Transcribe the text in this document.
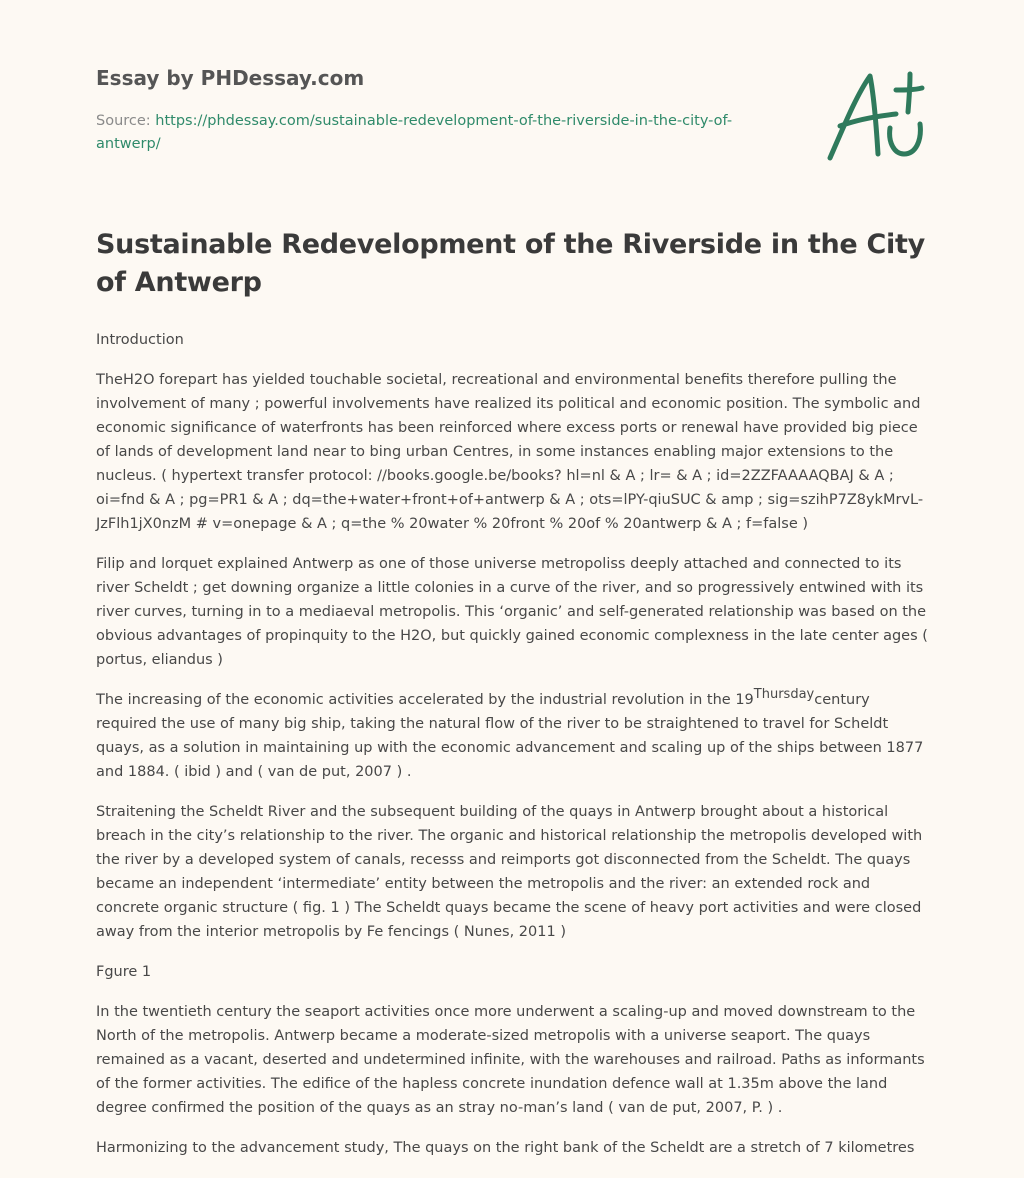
Essay by PHDessay.com
Source: https://phdessay.com/sustainable-redevelopment-of-the-riverside-in-the-city-of-antwerp/
Sustainable Redevelopment of the Riverside in the City of Antwerp

Introduction

TheH2O forepart has yielded touchable societal, recreational and environmental benefits therefore pulling the involvement of many ; powerful involvements have realized its political and economic position. The symbolic and economic significance of waterfronts has been reinforced where excess ports or renewal have provided big piece of lands of development land near to bing urban Centres, in some instances enabling major extensions to the nucleus. ( hypertext transfer protocol: //books.google.be/books? hl=nl & A ; lr= & A ; id=2ZZFAAAAQBAJ & A ; oi=fnd & A ; pg=PR1 & A ; dq=the+water+front+of+antwerp & A ; ots=lPY-qiuSUC & amp ; sig=szihP7Z8ykMrvL-JzFlh1jX0nzM # v=onepage & A ; q=the % 20water % 20front % 20of % 20antwerp & A ; f=false )

Filip and lorquet explained Antwerp as one of those universe metropoliss deeply attached and connected to its river Scheldt ; get downing organize a little colonies in a curve of the river, and so progressively entwined with its river curves, turning in to a mediaeval metropolis. This ‘organic’ and self-generated relationship was based on the obvious advantages of propinquity to the H2O, but quickly gained economic complexness in the late center ages ( portus, eliandus )

The increasing of the economic activities accelerated by the industrial revolution in the $19^{Thursday}century$ required the use of many big ship, taking the natural flow of the river to be straightened to travel for Scheldt quays, as a solution in maintaining up with the economic advancement and scaling up of the ships between 1877 and 1884. ( ibid ) and ( van de put, 2007 ) .

Straitening the Scheldt River and the subsequent building of the quays in Antwerp brought about a historical breach in the city’s relationship to the river. The organic and historical relationship the metropolis developed with the river by a developed system of canals, recesss and reimports got disconnected from the Scheldt. The quays became an independent ‘intermediate’ entity between the metropolis and the river: an extended rock and concrete organic structure ( fig. 1 ) The Scheldt quays became the scene of heavy port activities and were closed away from the interior metropolis by Fe fencings ( Nunes, 2011 )

Fgure 1

In the twentieth century the seaport activities once more underwent a scaling-up and moved downstream to the North of the metropolis. Antwerp became a moderate-sized metropolis with a universe seaport. The quays remained as a vacant, deserted and undetermined infinite, with the warehouses and railroad. Paths as informants of the former activities. The edifice of the hapless concrete inundation defence wall at 1.35m above the land degree confirmed the position of the quays as an stray no-man’s land ( van de put, 2007, P. ) .

Harmonizing to the advancement study, The quays on the right bank of the Scheldt are a stretch of 7 kilometres
